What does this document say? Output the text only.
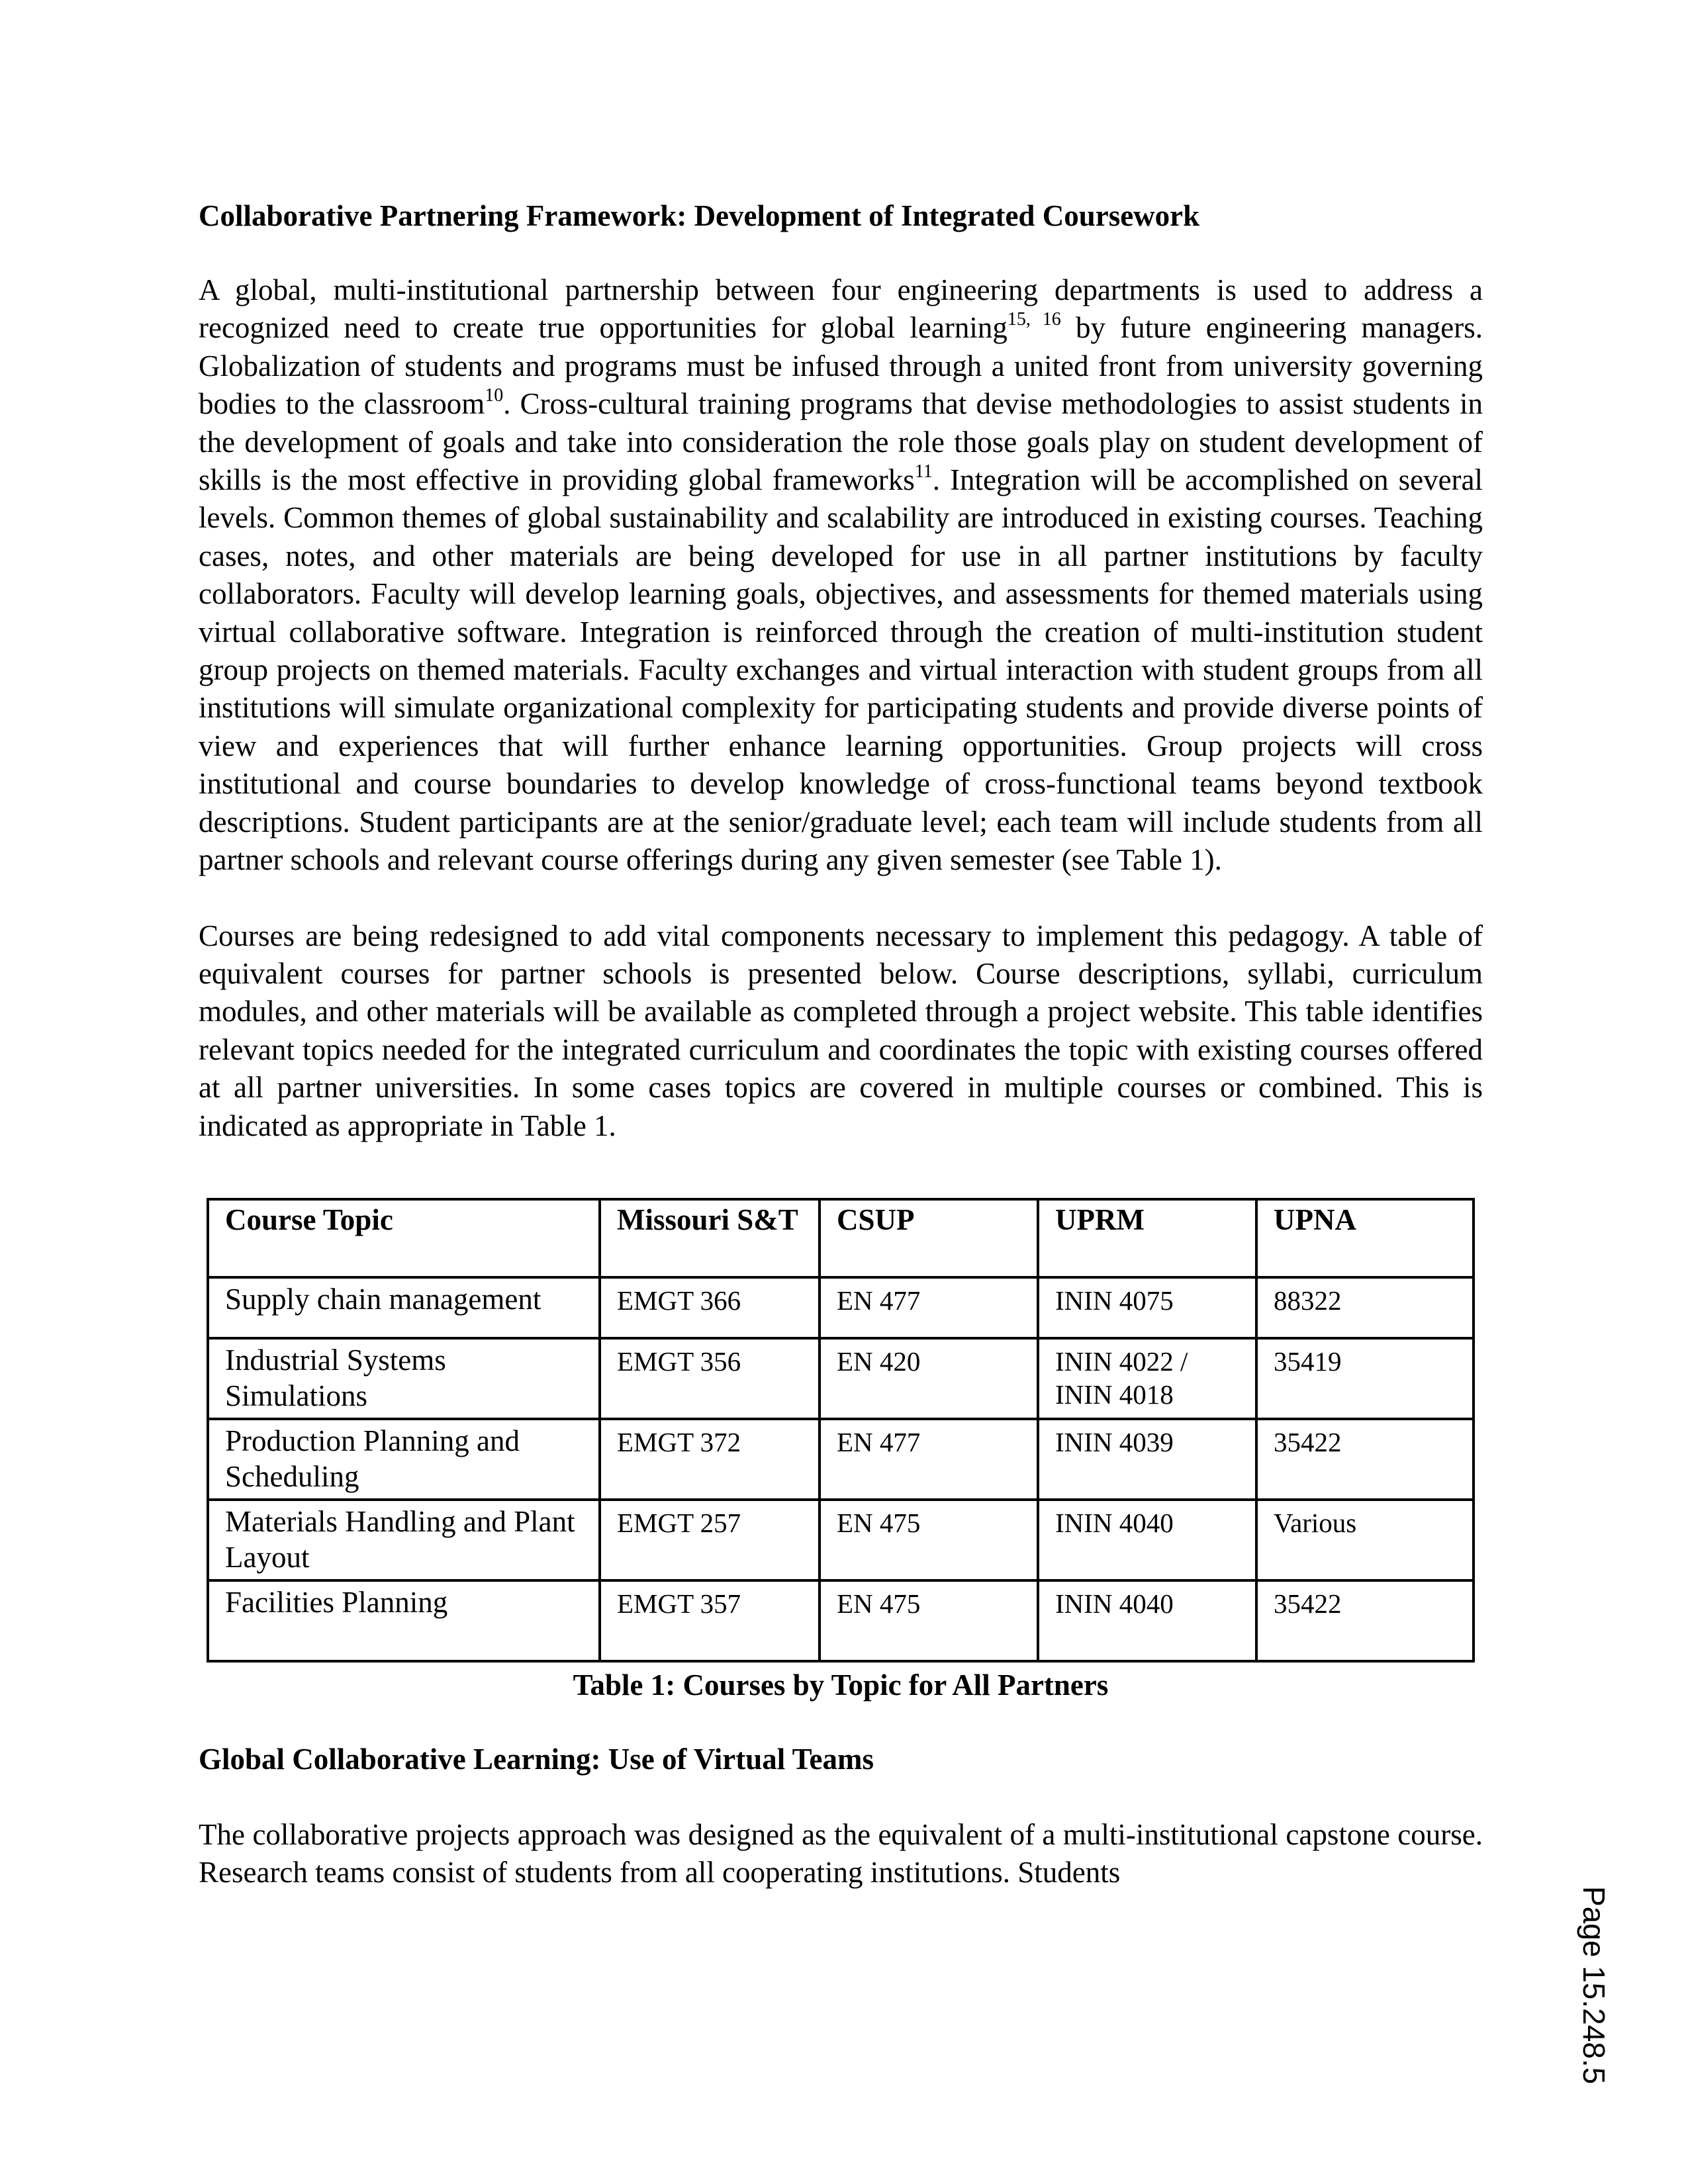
Collaborative Partnering Framework: Development of Integrated Coursework

A global, multi-institutional partnership between four engineering departments is used to address a recognized need to create true opportunities for global learning$^{15, 16}$ by future engineering managers. Globalization of students and programs must be infused through a united front from university governing bodies to the classroom$^{10}$. Cross-cultural training programs that devise methodologies to assist students in the development of goals and take into consideration the role those goals play on student development of skills is the most effective in providing global frameworks$^{11}$. Integration will be accomplished on several levels. Common themes of global sustainability and scalability are introduced in existing courses. Teaching cases, notes, and other materials are being developed for use in all partner institutions by faculty collaborators. Faculty will develop learning goals, objectives, and assessments for themed materials using virtual collaborative software. Integration is reinforced through the creation of multi-institution student group projects on themed materials. Faculty exchanges and virtual interaction with student groups from all institutions will simulate organizational complexity for participating students and provide diverse points of view and experiences that will further enhance learning opportunities. Group projects will cross institutional and course boundaries to develop knowledge of cross-functional teams beyond textbook descriptions. Student participants are at the senior/graduate level; each team will include students from all partner schools and relevant course offerings during any given semester (see Table 1).

Courses are being redesigned to add vital components necessary to implement this pedagogy. A table of equivalent courses for partner schools is presented below. Course descriptions, syllabi, curriculum modules, and other materials will be available as completed through a project website. This table identifies relevant topics needed for the integrated curriculum and coordinates the topic with existing courses offered at all partner universities. In some cases topics are covered in multiple courses or combined. This is indicated as appropriate in Table 1.

Course Topic	Missouri S&T	CSUP	UPRM	UPNA
Supply chain management	EMGT 366	EN 477	ININ 4075	88322
Industrial Systems Simulations	EMGT 356	EN 420	ININ 4022 / ININ 4018	35419
Production Planning and Scheduling	EMGT 372	EN 477	ININ 4039	35422
Materials Handling and Plant Layout	EMGT 257	EN 475	ININ 4040	Various
Facilities Planning	EMGT 357	EN 475	ININ 4040	35422
Table 1: Courses by Topic for All Partners
Global Collaborative Learning: Use of Virtual Teams

The collaborative projects approach was designed as the equivalent of a multi-institutional capstone course. Research teams consist of students from all cooperating institutions. Students

Page 15.248.5
